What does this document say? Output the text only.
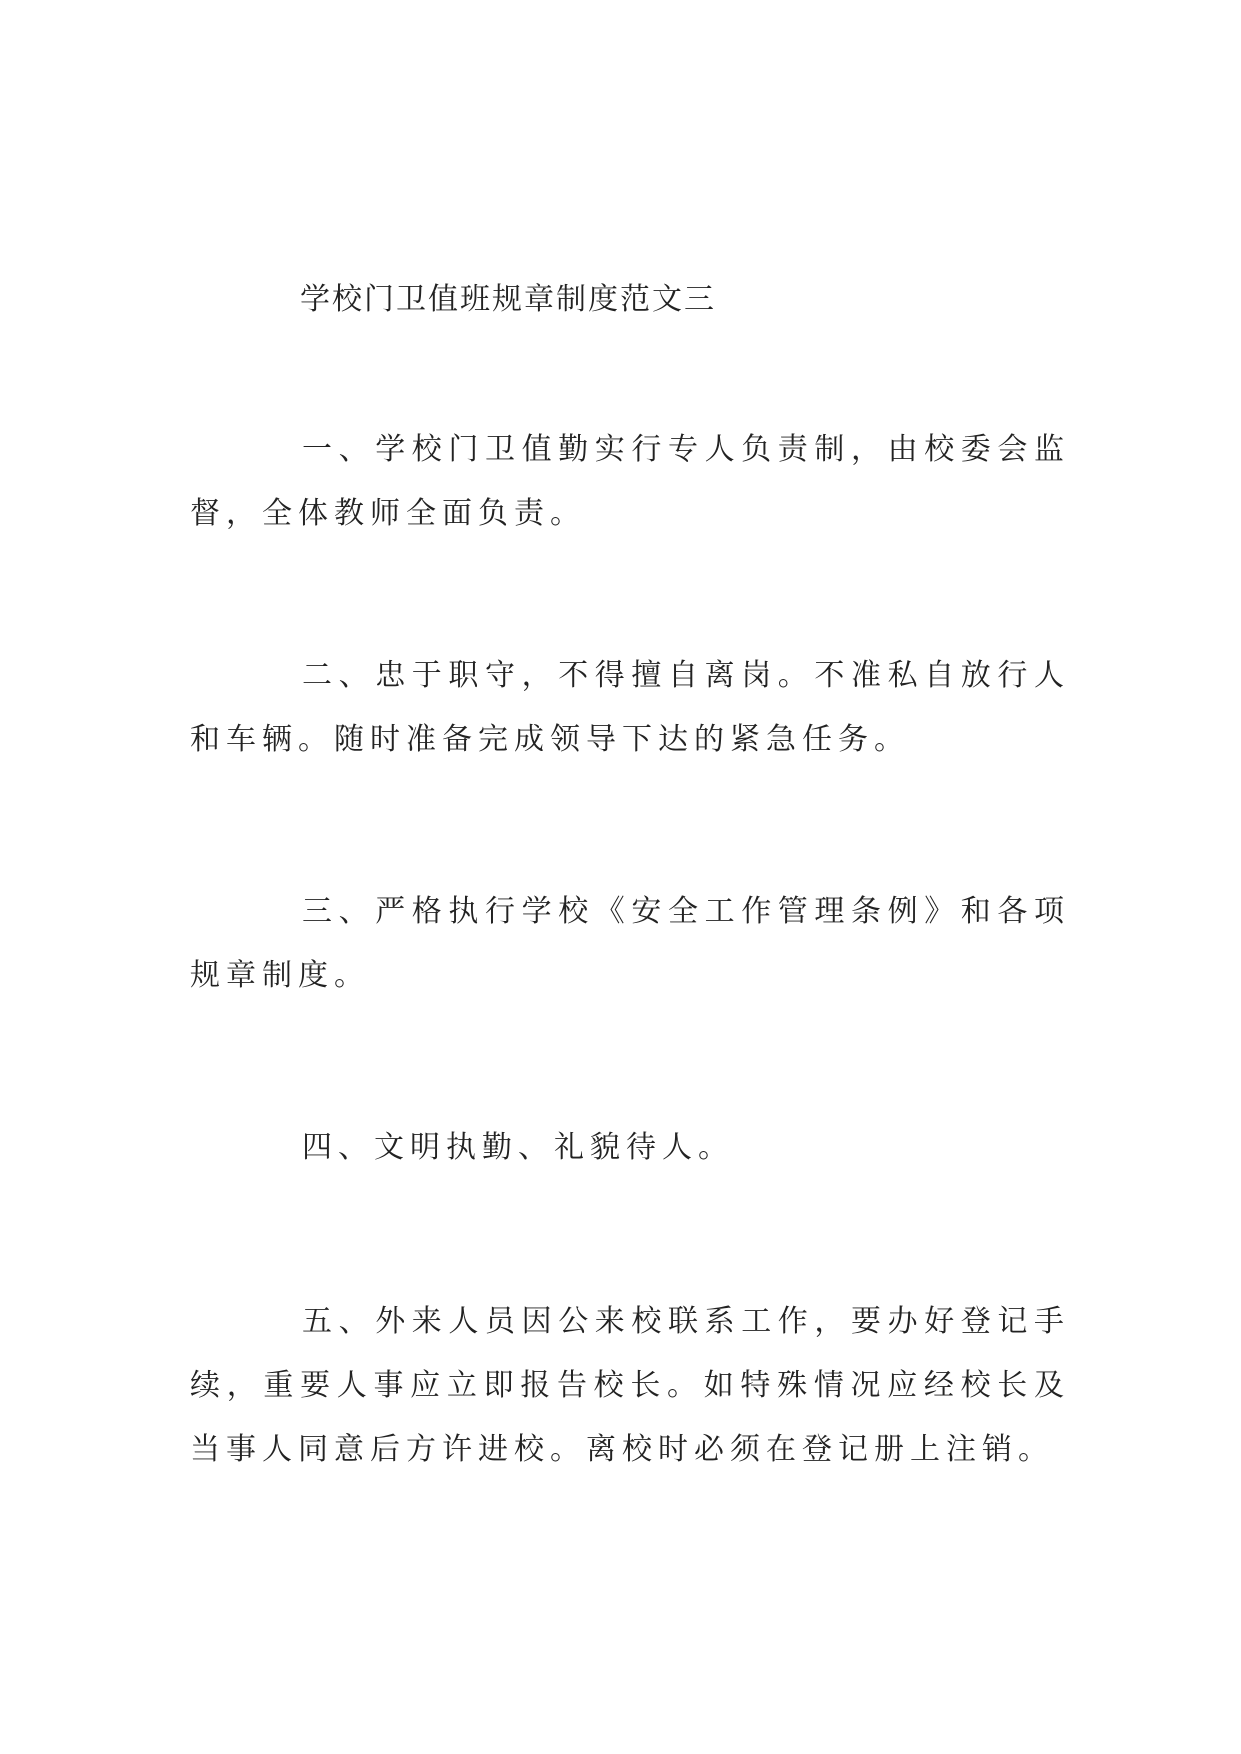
学校门卫值班规章制度范文三

一、学校门卫值勤实行专人负责制，由校委会监督，全体教师全面负责。

二、忠于职守，不得擅自离岗。不准私自放行人和车辆。随时准备完成领导下达的紧急任务。

三、严格执行学校《安全工作管理条例》和各项规章制度。

四、文明执勤、礼貌待人。

五、外来人员因公来校联系工作，要办好登记手续，重要人事应立即报告校长。如特殊情况应经校长及当事人同意后方许进校。离校时必须在登记册上注销。
